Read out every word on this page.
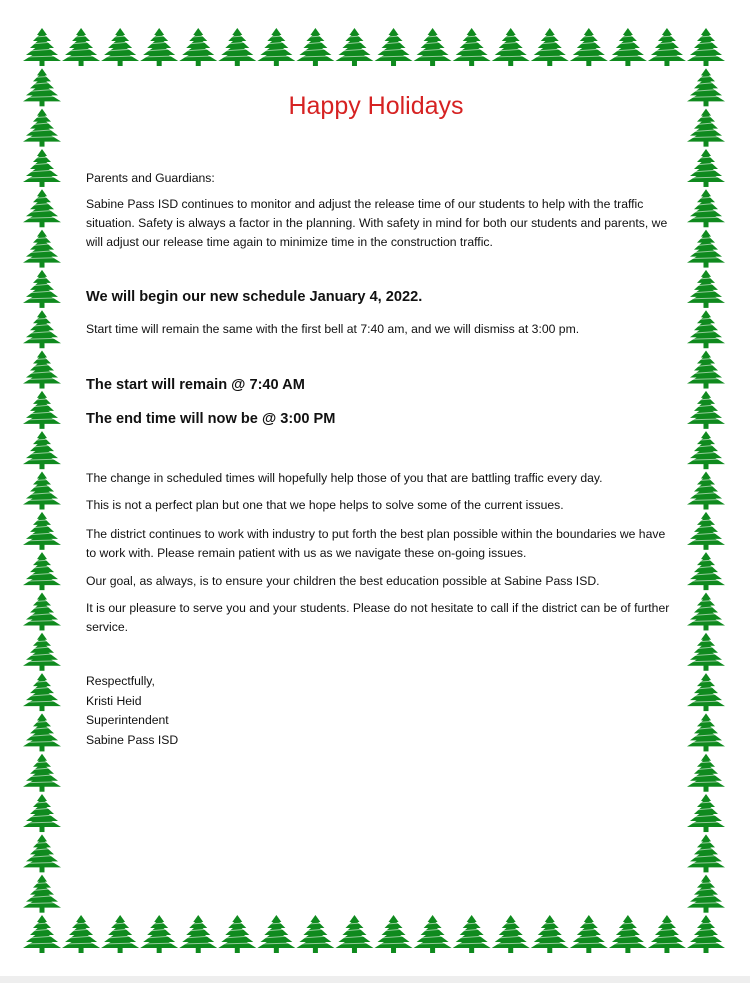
Happy Holidays

Parents and Guardians:

Sabine Pass ISD continues to monitor and adjust the release time of our students to help with the traffic situation. Safety is always a factor in the planning. With safety in mind for both our students and parents, we will adjust our release time again to minimize time in the construction traffic.

We will begin our new schedule January 4, 2022.

Start time will remain the same with the first bell at 7:40 am, and we will dismiss at 3:00 pm.

The start will remain @ 7:40 AM

The end time will now be @ 3:00 PM

The change in scheduled times will hopefully help those of you that are battling traffic every day.

This is not a perfect plan but one that we hope helps to solve some of the current issues.

The district continues to work with industry to put forth the best plan possible within the boundaries we have to work with. Please remain patient with us as we navigate these on-going issues.

Our goal, as always, is to ensure your children the best education possible at Sabine Pass ISD.

It is our pleasure to serve you and your students. Please do not hesitate to call if the district can be of further service.

Respectfully,
Kristi Heid
Superintendent
Sabine Pass ISD
